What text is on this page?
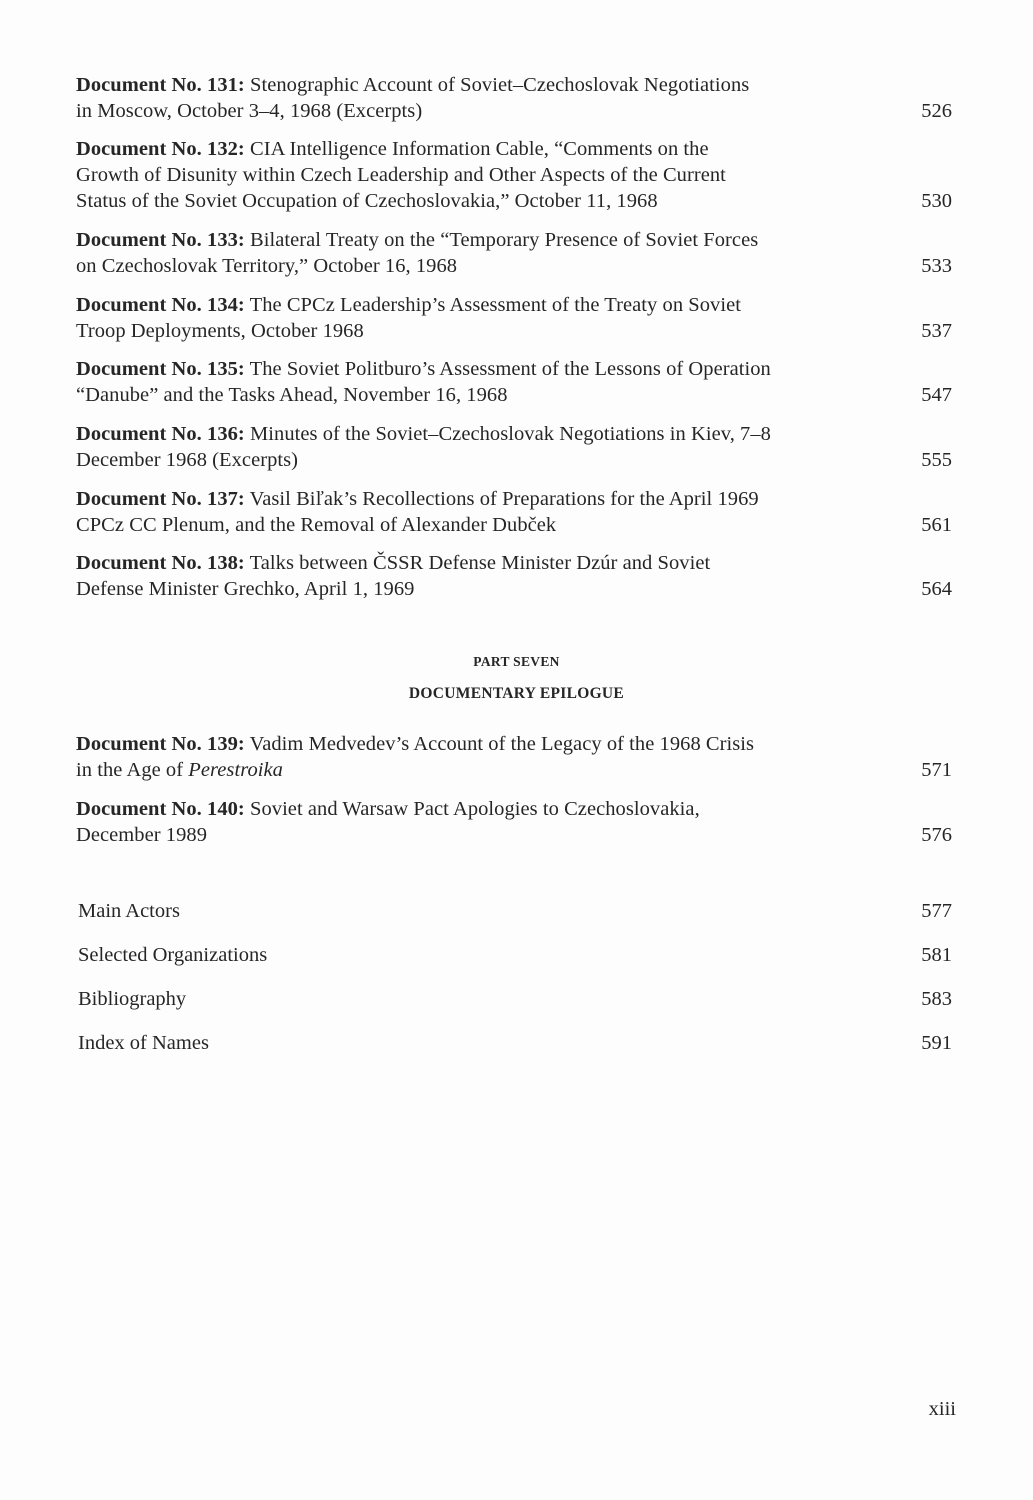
Document No. 131: Stenographic Account of Soviet–Czechoslovak Negotiations
in Moscow, October 3–4, 1968 (Excerpts)	526
Document No. 132: CIA Intelligence Information Cable, “Comments on the
Growth of Disunity within Czech Leadership and Other Aspects of the Current
Status of the Soviet Occupation of Czechoslovakia,” October 11, 1968	530
Document No. 133: Bilateral Treaty on the “Temporary Presence of Soviet Forces
on Czechoslovak Territory,” October 16, 1968	533
Document No. 134: The CPCz Leadership’s Assessment of the Treaty on Soviet
Troop Deployments, October 1968	537
Document No. 135: The Soviet Politburo’s Assessment of the Lessons of Operation
“Danube” and the Tasks Ahead, November 16, 1968	547
Document No. 136: Minutes of the Soviet–Czechoslovak Negotiations in Kiev, 7–8
December 1968 (Excerpts)	555
Document No. 137: Vasil Biľak’s Recollections of Preparations for the April 1969
CPCz CC Plenum, and the Removal of Alexander Dubček	561
Document No. 138: Talks between ČSSR Defense Minister Dzúr and Soviet
Defense Minister Grechko, April 1, 1969	564
PART SEVEN
DOCUMENTARY EPILOGUE
Document No. 139: Vadim Medvedev’s Account of the Legacy of the 1968 Crisis
in the Age of Perestroika	571
Document No. 140: Soviet and Warsaw Pact Apologies to Czechoslovakia,
December 1989	576
Main Actors	577
Selected Organizations	581
Bibliography	583
Index of Names	591
xiii
